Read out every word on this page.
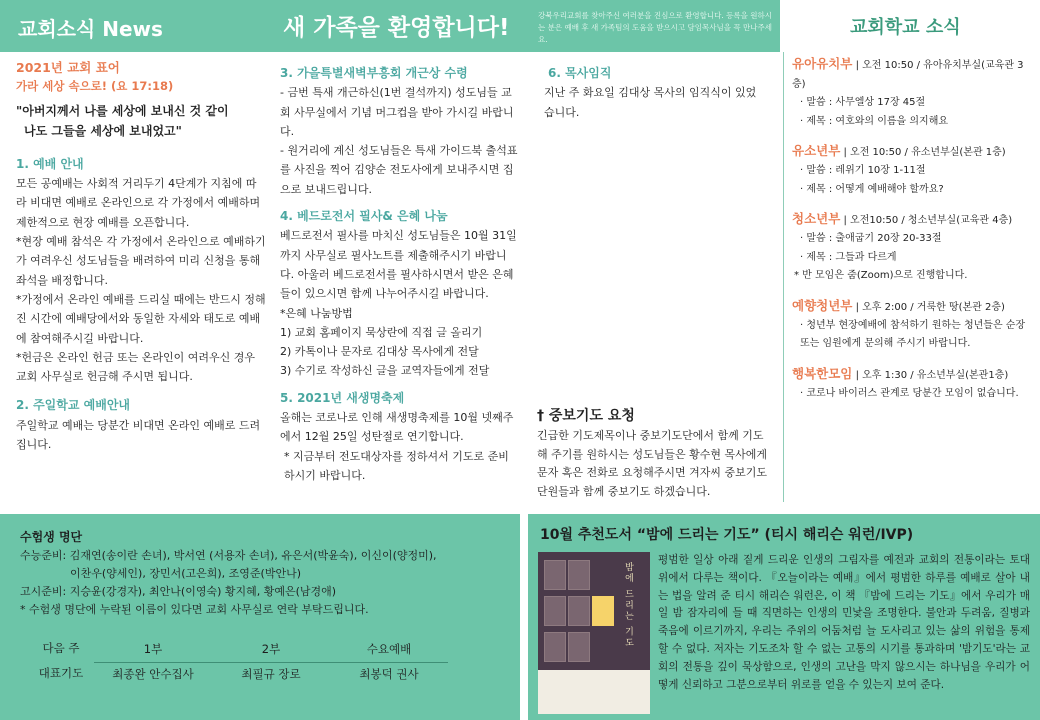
교회소식 News	새 가족을 환영합니다!	강북우리교회를 찾아주신 여러분을 진심으로 환영합니다. 등록을 원하시는 분은 예배 후 새 가족팀의 도움을 받으시고 담임목사님을 꼭 만나주세요.
교회학교 소식
2021년 교회 표어
가라 세상 속으로! (요 17:18)
"아버지께서 나를 세상에 보내신 것 같이
나도 그들을 세상에 보내었고"
1. 예배 안내
모든 공예배는 사회적 거리두기 4단계가 지침에 따라 비대면 예배로 온라인으로 각 가정에서 예배하며 제한적으로 현장 예배를 오픈합니다.
*현장 예배 참석은 각 가정에서 온라인으로 예배하기가 여려우신 성도님들을 배려하여 미리 신청을 통해 좌석을 배정합니다.
*가정에서 온라인 예배를 드리실 때에는 반드시 정해진 시간에 예배당에서와 동일한 자세와 태도로 예배에 참여해주시길 바랍니다.
*헌금은 온라인 헌금 또는 온라인이 여려우신 경우 교회 사무실로 헌금해 주시면 됩니다.
2. 주일학교 예배안내
주일학교 예배는 당분간 비대면 온라인 예배로 드려집니다.
3. 가을특별새벽부흥회 개근상 수령
- 금번 특새 개근하신(1번 결석까지) 성도님들 교회 사무실에서 기념 머그컵을 받아 가시길 바랍니다.
- 원거리에 계신 성도님들은 특새 가이드북 출석표를 사진을 찍어 김양순 전도사에게 보내주시면 집으로 보내드립니다.
4. 베드로전서 필사& 은혜 나눔
베드로전서 필사를 마치신 성도님들은 10월 31일까지 사무실로 필사노트를 제출해주시기 바랍니다. 아울러 베드로전서를 필사하시면서 받은 은혜들이 있으시면 함께 나누어주시길 바랍니다.
*은혜 나눔방법
1) 교회 홈페이지 묵상란에 직접 글 올리기
2) 카톡이나 문자로 김대상 목사에게 전달
3) 수기로 작성하신 글을 교역자들에게 전달
5. 2021년 새생명축제
올해는 코로나로 인해 새생명축제를 10월 넷째주에서 12월 25일 성탄절로 연기합니다.
* 지금부터 전도대상자를 정하셔서 기도로 준비하시기 바랍니다.
6. 목사임직
지난 주 화요일 김대상 목사의 임직식이 있었습니다.
† 중보기도 요청
긴급한 기도제목이나 중보기도단에서 함께 기도해 주기를 원하시는 성도님들은 황수현 목사에게 문자 혹은 전화로 요청해주시면 겨자씨 중보기도단원들과 함께 중보기도 하겠습니다.
유아유치부 | 오전 10:50 / 유아유치부실(교육관 3층)
· 말씀 : 사무엘상 17장 45절
· 제목 : 여호와의 이름을 의지해요
유소년부 | 오전 10:50 / 유소년부실(본관 1층)
· 말씀 : 레위기 10장 1-11절
· 제목 : 어떻게 예배해야 할까요?
청소년부 | 오전10:50 / 청소년부실(교육관 4층)
· 말씀 : 출애굽기 20장 20-33절
· 제목 : 그들과 다르게
* 반 모임은 줌(Zoom)으로 진행합니다.
예향청년부 | 오후 2:00 / 거룩한 땅(본관 2층)
· 청년부 현장예배에 참석하기 원하는 청년들은 순장 또는 임원에게 문의해 주시기 바랍니다.
행복한모임 | 오후 1:30 / 유소년부실(본관1층)
· 코로나 바이러스 관계로 당분간 모임이 없습니다.
수험생 명단
수능준비: 김재연(송이란 손녀), 박서연 (서용자 손녀), 유은서(박윤숙), 이신이(양정미),
이찬우(양세인), 장민서(고은희), 조영준(박안나)
고시준비: 지승윤(강경자), 최안나(이영숙) 황지혜, 황예은(남경애)
* 수험생 명단에 누락된 이름이 있다면 교회 사무실로 연락 부탁드립니다.
다음 주	1부	2부	수요예배
대표기도	최종완 안수집사	최필규 장로	최봉덕 권사
10월 추천도서 “밤에 드리는 기도” (티시 해리슨 워런/IVP)
밤에 드리는 기도
평범한 일상 아래 짙게 드리운 인생의 그림자를 예전과 교회의 전통이라는 토대 위에서 다루는 책이다. 『오늘이라는 예배』에서 평범한 하루를 예배로 살아 내는 법을 알려 준 티시 해리슨 워런은, 이 책 『밤에 드리는 기도』에서 우리가 매일 밤 잠자리에 들 때 직면하는 인생의 민낯을 조명한다. 불안과 두려움, 질병과 죽음에 이르기까지, 우리는 주위의 어둠처럼 늘 도사리고 있는 삶의 위험을 통제할 수 없다. 저자는 기도조차 할 수 없는 고통의 시기를 통과하며 '밤기도'라는 교회의 전통을 깊이 묵상함으로, 인생의 고난을 막지 않으시는 하나님을 우리가 어떻게 신뢰하고 그분으로부터 위로를 얻을 수 있는지 보여 준다.
